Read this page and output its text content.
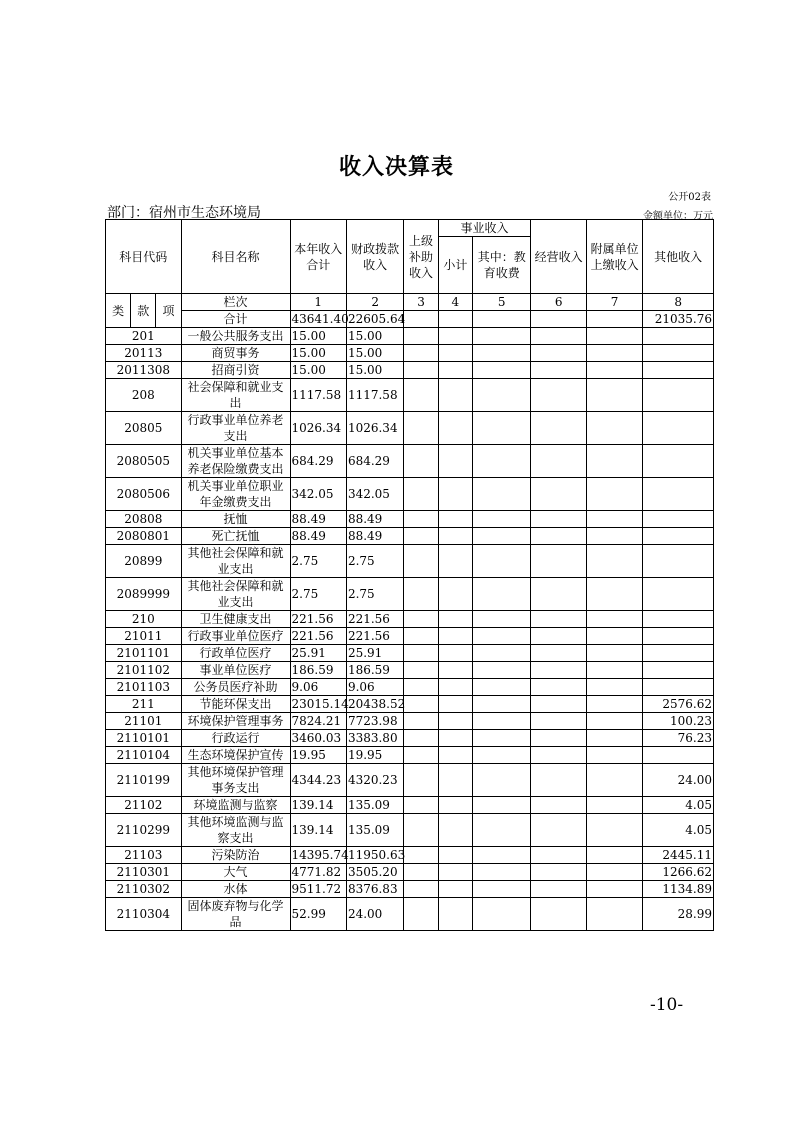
收入决算表
公开02表
部门：宿州市生态环境局	金额单位：万元
科目代码			科目名称	本年收入合计	财政拨款收入	上级补助收入	事业收入		经营收入	附属单位上缴收入	其他收入
							小计	其中：教育收费			
类	款	项	栏次	1	2	3	4	5	6	7	8
			合计	43641.40	22605.64						21035.76
201			一般公共服务支出	15.00	15.00						
20113			商贸事务	15.00	15.00						
2011308			招商引资	15.00	15.00						
208			社会保障和就业支出	1117.58	1117.58						
20805			行政事业单位养老支出	1026.34	1026.34						
2080505			机关事业单位基本养老保险缴费支出	684.29	684.29						
2080506			机关事业单位职业年金缴费支出	342.05	342.05						
20808			抚恤	88.49	88.49						
2080801			死亡抚恤	88.49	88.49						
20899			其他社会保障和就业支出	2.75	2.75						
2089999			其他社会保障和就业支出	2.75	2.75						
210			卫生健康支出	221.56	221.56						
21011			行政事业单位医疗	221.56	221.56						
2101101			行政单位医疗	25.91	25.91						
2101102			事业单位医疗	186.59	186.59						
2101103			公务员医疗补助	9.06	9.06						
211			节能环保支出	23015.14	20438.52						2576.62
21101			环境保护管理事务	7824.21	7723.98						100.23
2110101			行政运行	3460.03	3383.80						76.23
2110104			生态环境保护宣传	19.95	19.95						
2110199			其他环境保护管理事务支出	4344.23	4320.23						24.00
21102			环境监测与监察	139.14	135.09						4.05
2110299			其他环境监测与监察支出	139.14	135.09						4.05
21103			污染防治	14395.74	11950.63						2445.11
2110301			大气	4771.82	3505.20						1266.62
2110302			水体	9511.72	8376.83						1134.89
2110304			固体废弃物与化学品	52.99	24.00						28.99
-10-
